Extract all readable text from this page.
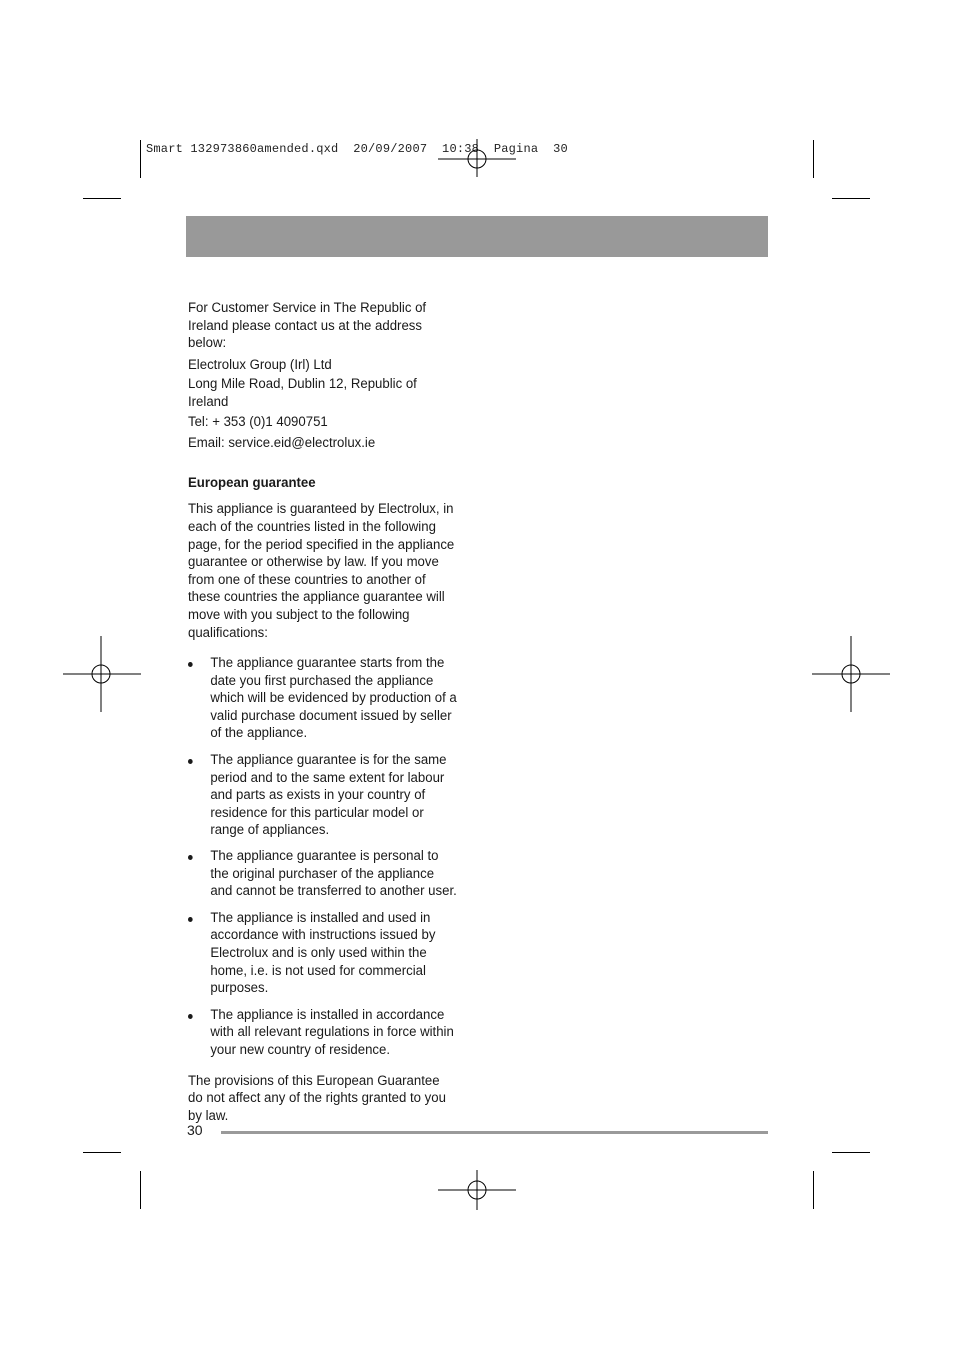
Smart 132973860amended.qxd  20/09/2007  10:38  Pagina  30

For Customer Service in The Republic of Ireland please contact us at the address below:

Electrolux Group (Irl) Ltd

Long Mile Road, Dublin 12, Republic of Ireland

Tel: + 353 (0)1 4090751

Email: service.eid@electrolux.ie

European guarantee

This appliance is guaranteed by Electrolux, in each of the countries listed in the following page, for the period specified in the appliance guarantee or otherwise by law. If you move from one of these countries to another of these countries the appliance guarantee will move with you subject to the following qualifications:

The appliance guarantee starts from the date you first purchased the appliance which will be evidenced by production of a valid purchase document issued by seller of the appliance.
The appliance guarantee is for the same period and to the same extent for labour and parts as exists in your country of residence for this particular model or range of appliances.
The appliance guarantee is personal to the original purchaser of the appliance and cannot be transferred to another user.
The appliance is installed and used in accordance with instructions issued by Electrolux and is only used within the home, i.e. is not used for commercial purposes.
The appliance is installed in accordance with all relevant regulations in force within your new country of residence.

The provisions of this European Guarantee do not affect any of the rights granted to you by law.

30
